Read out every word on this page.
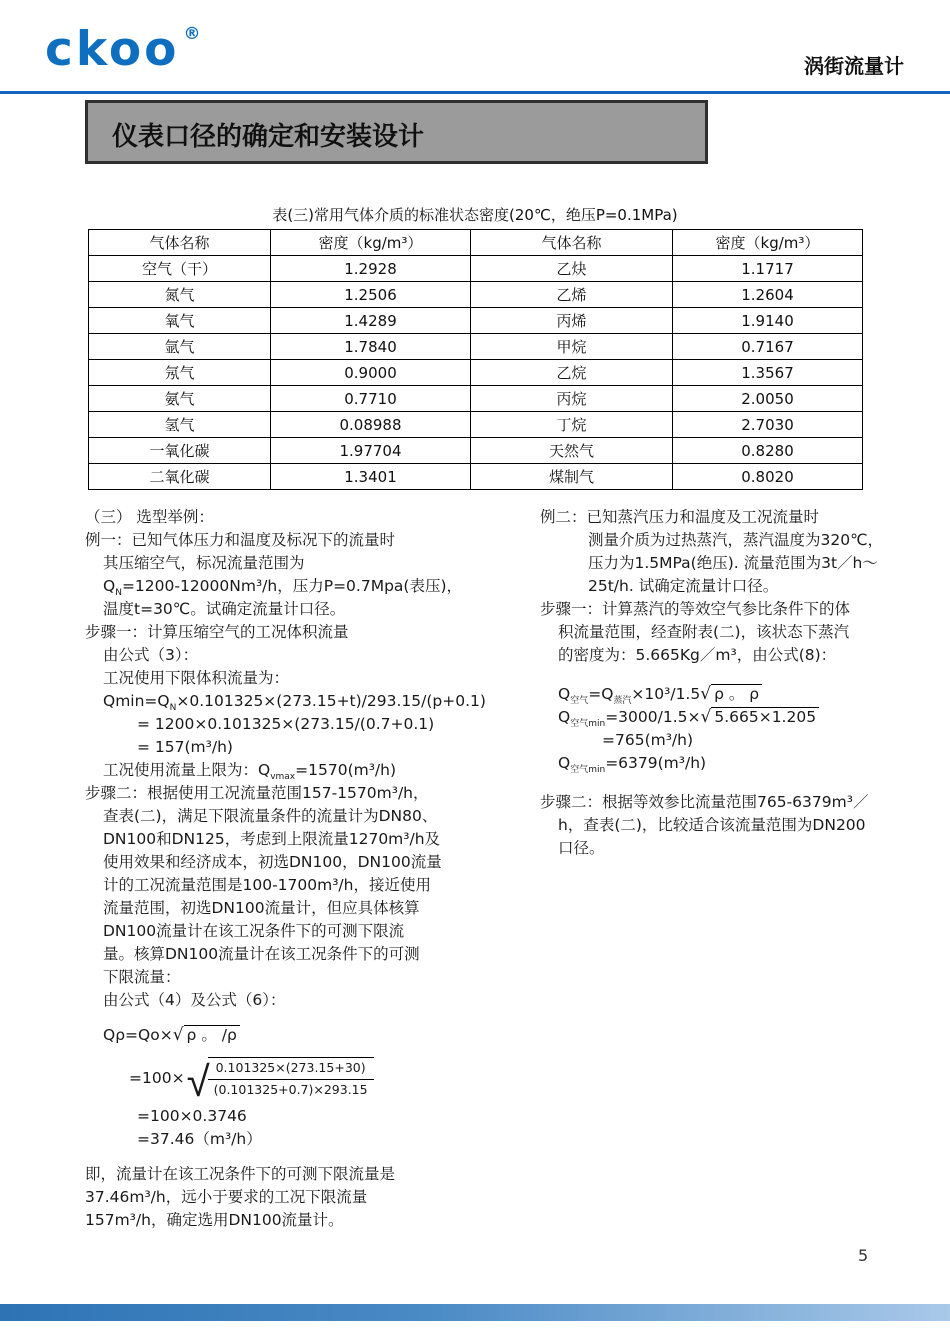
ckoo ®
涡街流量计
仪表口径的确定和安装设计
表(三)常用气体介质的标准状态密度(20℃，绝压P=0.1MPa)
气体名称	密度（kg/m³）	气体名称	密度（kg/m³）
空气（干）	1.2928	乙炔	1.1717
氮气	1.2506	乙烯	1.2604
氧气	1.4289	丙烯	1.9140
氩气	1.7840	甲烷	0.7167
氖气	0.9000	乙烷	1.3567
氨气	0.7710	丙烷	2.0050
氢气	0.08988	丁烷	2.7030
一氧化碳	1.97704	天然气	0.8280
二氧化碳	1.3401	煤制气	0.8020
（三） 选型举例：
例一：已知气体压力和温度及标况下的流量时
其压缩空气，标况流量范围为
$Q_N=1200-12000Nm^3/h$，压力P=0.7Mpa(表压)，
温度t=30℃。试确定流量计口径。
步骤一：计算压缩空气的工况体积流量
由公式（3）：
工况使用下限体积流量为：
$Qmin=Q_N\times 0.101325\times(273.15+t)/293.15/(p+0.1)$
= 1200×0.101325×(273.15/(0.7+0.1)
= 157(m³/h)
工况使用流量上限为：$Q_{vmax}=1570(m^3/h)$
步骤二：根据使用工况流量范围157-1570m³/h，
查表(二)，满足下限流量条件的流量计为DN80、
DN100和DN125，考虑到上限流量1270m³/h及
使用效果和经济成本，初选DN100，DN100流量
计的工况流量范围是100-1700m³/h，接近使用
流量范围，初选DN100流量计，但应具体核算
DN100流量计在该工况条件下的可测下限流
量。核算DN100流量计在该工况条件下的可测
下限流量：
由公式（4）及公式（6）：
Qρ=Qo×√ ρ 。 /ρ
=100× √
$\frac{0.101325\times(273.15+30)}{(0.101325+0.7)\times 293.15}$
=100×0.3746
=37.46（m³/h）
即，流量计在该工况条件下的可测下限流量是
37.46m³/h，远小于要求的工况下限流量
157m³/h，确定选用DN100流量计。
例二：已知蒸汽压力和温度及工况流量时
测量介质为过热蒸汽，蒸汽温度为320℃，
压力为1.5MPa(绝压). 流量范围为3t／h～
25t/h. 试确定流量计口径。
步骤一：计算蒸汽的等效空气参比条件下的体
积流量范围，经查附表(二)，该状态下蒸汽
的密度为：5.665Kg／m³，由公式(8)：
$Q_{空气}=Q_{蒸汽}\times 10^3/1.5√$ ρ 。 ρ
$Q_{空气min}=3000/1.5\times√$ 5.665×1.205
=765(m³/h)
$Q_{空气min}=6379(m^3/h)$
步骤二：根据等效参比流量范围765-6379m³／
h，查表(二)，比较适合该流量范围为DN200
口径。
5
